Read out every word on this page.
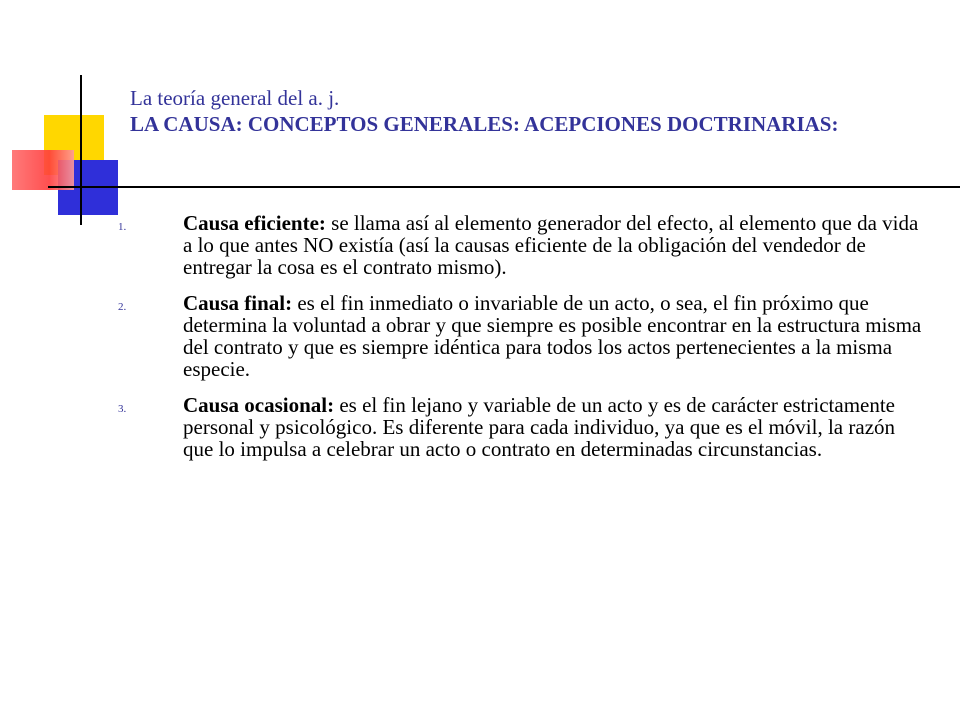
La teoría general del a. j.
LA CAUSA: CONCEPTOS GENERALES: ACEPCIONES DOCTRINARIAS:
1.	Causa eficiente: se llama así al elemento generador del efecto, al elemento que da vida a lo que antes NO existía (así la causas eficiente de la obligación del vendedor de entregar la cosa es el contrato mismo).
2.	Causa final: es el fin inmediato o invariable de un acto, o sea, el fin próximo que determina la voluntad a obrar y que siempre es posible encontrar en la estructura misma del contrato y que es siempre idéntica para todos los actos pertenecientes a la misma especie.
3.	Causa ocasional: es el fin lejano y variable de un acto y es de carácter estrictamente personal y psicológico. Es diferente para cada individuo, ya que es el móvil, la razón que lo impulsa a celebrar un acto o contrato en determinadas circunstancias.
